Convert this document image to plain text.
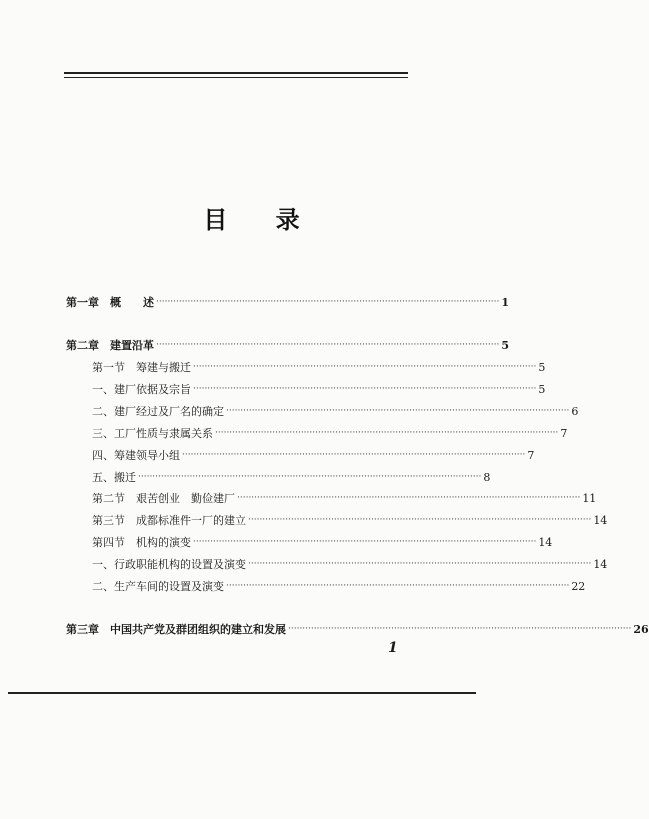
目 录
第一章　概　　述 ························································································································ 1
第二章　建置沿革 ························································································································ 5
第一节　筹建与搬迁 ························································································································ 5
一、建厂依据及宗旨 ························································································································ 5
二、建厂经过及厂名的确定 ························································································································ 6
三、工厂性质与隶属关系 ························································································································ 7
四、筹建领导小组 ························································································································ 7
五、搬迁 ························································································································ 8
第二节　艰苦创业　勤俭建厂 ························································································································ 11
第三节　成都标准件一厂的建立 ························································································································ 14
第四节　机构的演变 ························································································································ 14
一、行政职能机构的设置及演变 ························································································································ 14
二、生产车间的设置及演变 ························································································································ 22
第三章　中国共产党及群团组织的建立和发展 ························································································································ 26
1
